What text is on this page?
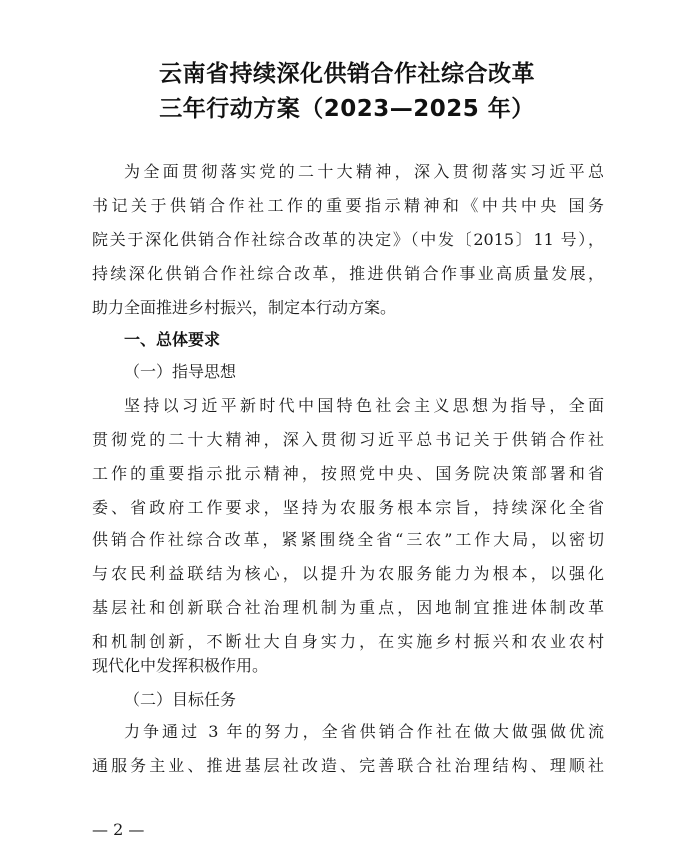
云南省持续深化供销合作社综合改革
三年行动方案（2023—2025 年）
为全面贯彻落实党的二十大精神，深入贯彻落实习近平总
书记关于供销合作社工作的重要指示精神和《中共中央 国务
院关于深化供销合作社综合改革的决定》（中发〔2015〕11 号），
持续深化供销合作社综合改革，推进供销合作事业高质量发展，
助力全面推进乡村振兴，制定本行动方案。
一、总体要求
（一）指导思想
坚持以习近平新时代中国特色社会主义思想为指导，全面
贯彻党的二十大精神，深入贯彻习近平总书记关于供销合作社
工作的重要指示批示精神，按照党中央、国务院决策部署和省
委、省政府工作要求，坚持为农服务根本宗旨，持续深化全省
供销合作社综合改革，紧紧围绕全省“三农”工作大局，以密切
与农民利益联结为核心，以提升为农服务能力为根本，以强化
基层社和创新联合社治理机制为重点，因地制宜推进体制改革
和机制创新，不断壮大自身实力，在实施乡村振兴和农业农村
现代化中发挥积极作用。
（二）目标任务
力争通过 3 年的努力，全省供销合作社在做大做强做优流
通服务主业、推进基层社改造、完善联合社治理结构、理顺社
— 2 —
